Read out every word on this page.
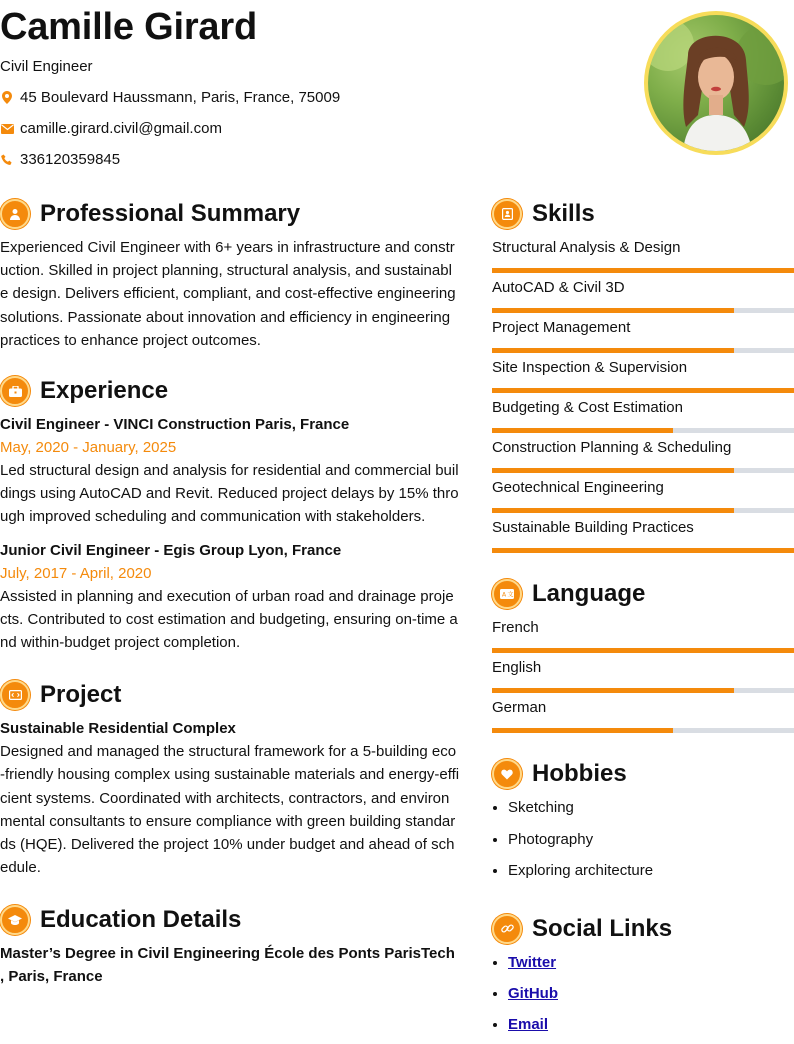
Camille Girard
Civil Engineer
45 Boulevard Haussmann, Paris, France, 75009
camille.girard.civil@gmail.com
336120359845
Professional Summary

Experienced Civil Engineer with 6+ years in infrastructure and construction. Skilled in project planning, structural analysis, and sustainable design. Delivers efficient, compliant, and cost-effective engineering solutions. Passionate about innovation and efficiency in engineering practices to enhance project outcomes.

Experience
Civil Engineer - VINCI Construction Paris, France
May, 2020 - January, 2025

Led structural design and analysis for residential and commercial buildings using AutoCAD and Revit. Reduced project delays by 15% through improved scheduling and communication with stakeholders.

Junior Civil Engineer - Egis Group Lyon, France
July, 2017 - April, 2020

Assisted in planning and execution of urban road and drainage projects. Contributed to cost estimation and budgeting, ensuring on-time and within-budget project completion.

Project
Sustainable Residential Complex

Designed and managed the structural framework for a 5-building eco-friendly housing complex using sustainable materials and energy-efficient systems. Coordinated with architects, contractors, and environmental consultants to ensure compliance with green building standards (HQE). Delivered the project 10% under budget and ahead of schedule.

Education Details
Master’s Degree in Civil Engineering École des Ponts ParisTech , Paris, France
Skills
Structural Analysis & Design
AutoCAD & Civil 3D
Project Management
Site Inspection & Supervision
Budgeting & Cost Estimation
Construction Planning & Scheduling
Geotechnical Engineering
Sustainable Building Practices
A 文 Language
French
English
German
Hobbies
• Sketching
• Photography
• Exploring architecture
Social Links
• Twitter
• GitHub
• Email
